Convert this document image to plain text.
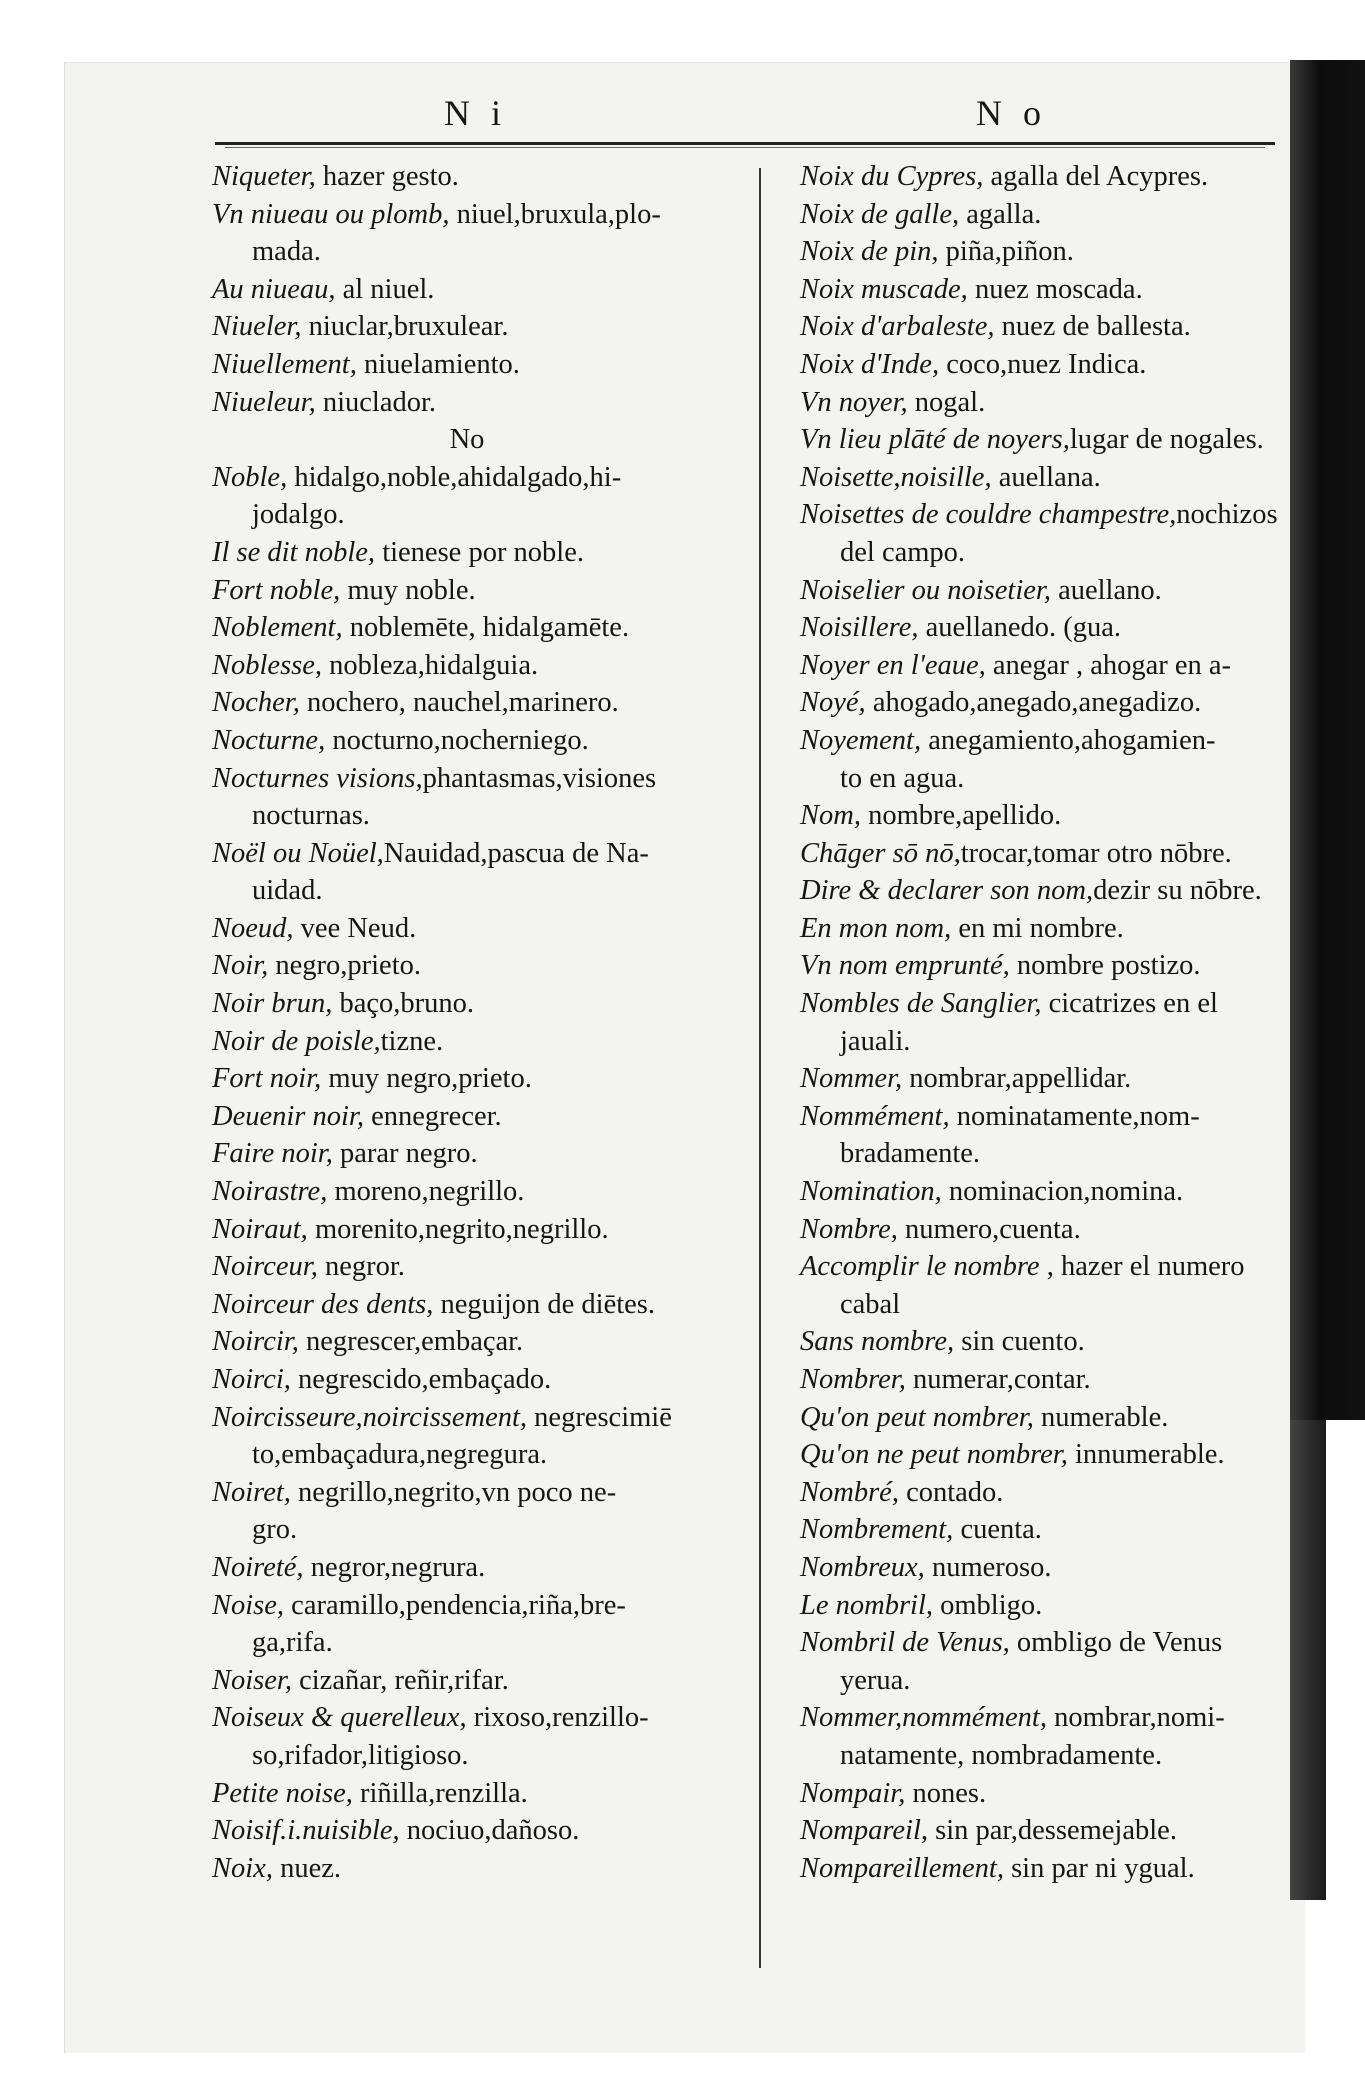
N i	N o
Niqueter, hazer gesto.
Vn niueau ou plomb, niuel,bruxula,plo-
mada.
Au niueau, al niuel.
Niueler, niuclar,bruxulear.
Niuellement, niuelamiento.
Niueleur, niuclador.
No
Noble, hidalgo,noble,ahidalgado,hi-
jodalgo.
Il se dit noble, tienese por noble.
Fort noble, muy noble.
Noblement, noblemēte, hidalgamēte.
Noblesse, nobleza,hidalguia.
Nocher, nochero, nauchel,marinero.
Nocturne, nocturno,nocherniego.
Nocturnes visions,phantasmas,visiones
nocturnas.
Noël ou Noüel,Nauidad,pascua de Na-
uidad.
Noeud, vee Neud.
Noir, negro,prieto.
Noir brun, baço,bruno.
Noir de poisle,tizne.
Fort noir, muy negro,prieto.
Deuenir noir, ennegrecer.
Faire noir, parar negro.
Noirastre, moreno,negrillo.
Noiraut, morenito,negrito,negrillo.
Noirceur, negror.
Noirceur des dents, neguijon de diētes.
Noircir, negrescer,embaçar.
Noirci, negrescido,embaçado.
Noircisseure,noircissement, negrescimiē
to,embaçadura,negregura.
Noiret, negrillo,negrito,vn poco ne-
gro.
Noireté, negror,negrura.
Noise, caramillo,pendencia,riña,bre-
ga,rifa.
Noiser, cizañar, reñir,rifar.
Noiseux & querelleux, rixoso,renzillo-
so,rifador,litigioso.
Petite noise, riñilla,renzilla.
Noisif.i.nuisible, nociuo,dañoso.
Noix, nuez.
Noix du Cypres, agalla del Acypres.
Noix de galle, agalla.
Noix de pin, piña,piñon.
Noix muscade, nuez moscada.
Noix d'arbaleste, nuez de ballesta.
Noix d'Inde, coco,nuez Indica.
Vn noyer, nogal.
Vn lieu plāté de noyers,lugar de nogales.
Noisette,noisille, auellana.
Noisettes de couldre champestre,nochizos
del campo.
Noiselier ou noisetier, auellano.
Noisillere, auellanedo. (gua.
Noyer en l'eaue, anegar , ahogar en a-
Noyé, ahogado,anegado,anegadizo.
Noyement, anegamiento,ahogamien-
to en agua.
Nom, nombre,apellido.
Chāger sō nō,trocar,tomar otro nōbre.
Dire & declarer son nom,dezir su nōbre.
En mon nom, en mi nombre.
Vn nom emprunté, nombre postizo.
Nombles de Sanglier, cicatrizes en el
jauali.
Nommer, nombrar,appellidar.
Nommément, nominatamente,nom-
bradamente.
Nomination, nominacion,nomina.
Nombre, numero,cuenta.
Accomplir le nombre , hazer el numero
cabal
Sans nombre, sin cuento.
Nombrer, numerar,contar.
Qu'on peut nombrer, numerable.
Qu'on ne peut nombrer, innumerable.
Nombré, contado.
Nombrement, cuenta.
Nombreux, numeroso.
Le nombril, ombligo.
Nombril de Venus, ombligo de Venus
yerua.
Nommer,nommément, nombrar,nomi-
natamente, nombradamente.
Nompair, nones.
Nompareil, sin par,dessemejable.
Nompareillement, sin par ni ygual.
